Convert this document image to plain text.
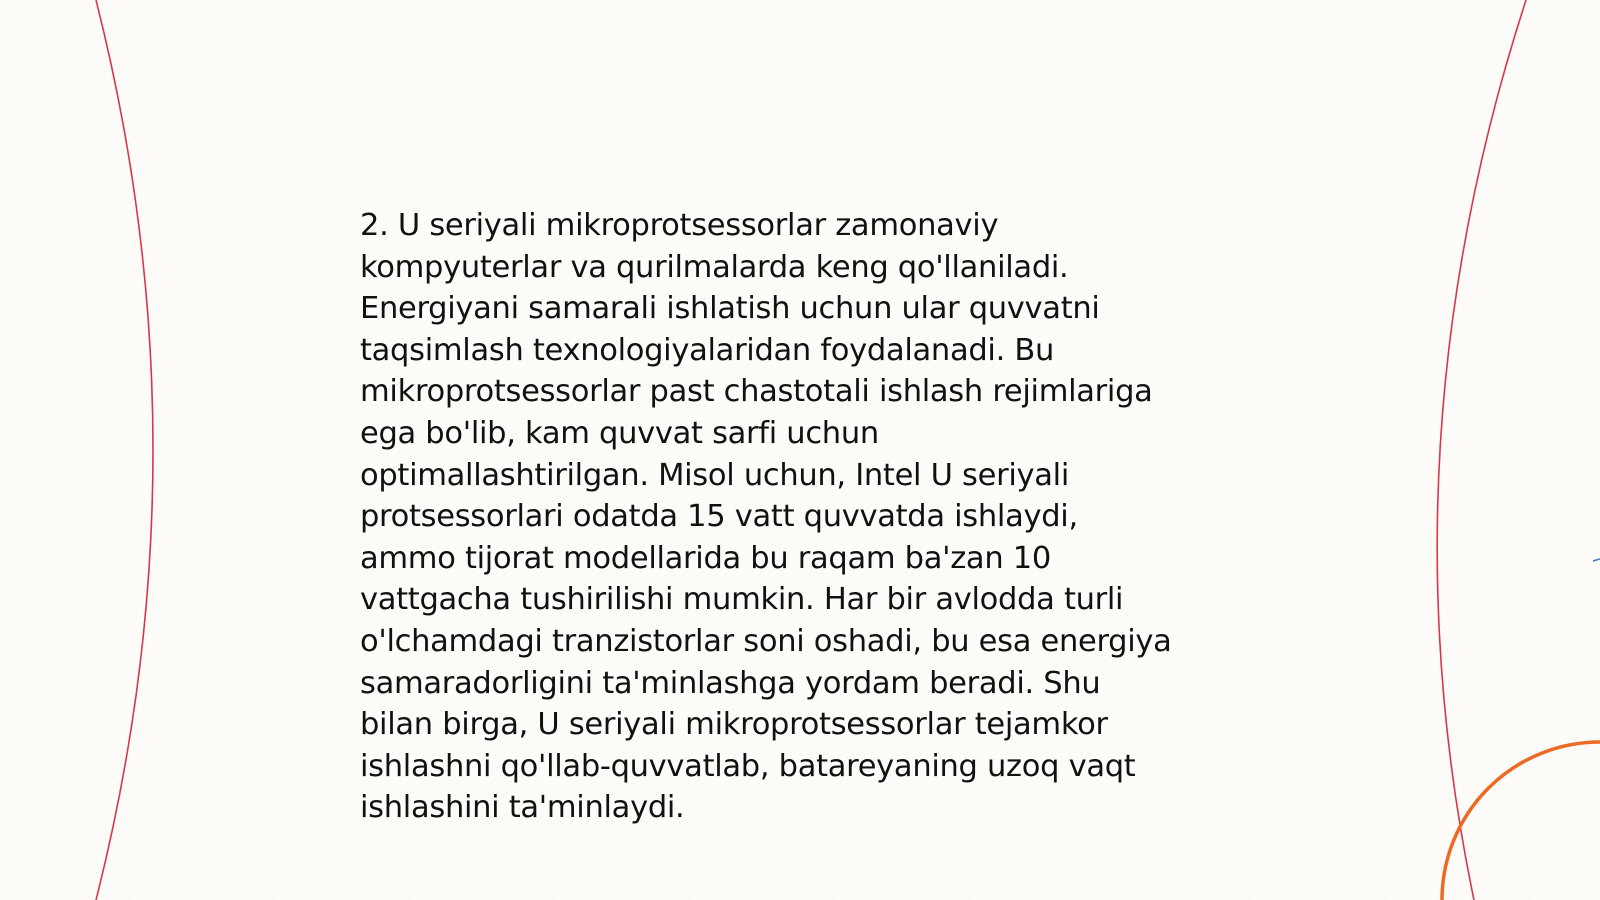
2. U seriyali mikroprotsessorlar zamonaviy
kompyuterlar va qurilmalarda keng qo'llaniladi.
Energiyani samarali ishlatish uchun ular quvvatni
taqsimlash texnologiyalaridan foydalanadi. Bu
mikroprotsessorlar past chastotali ishlash rejimlariga
ega bo'lib, kam quvvat sarfi uchun
optimallashtirilgan. Misol uchun, Intel U seriyali
protsessorlari odatda 15 vatt quvvatda ishlaydi,
ammo tijorat modellarida bu raqam ba'zan 10
vattgacha tushirilishi mumkin. Har bir avlodda turli
o'lchamdagi tranzistorlar soni oshadi, bu esa energiya
samaradorligini ta'minlashga yordam beradi. Shu
bilan birga, U seriyali mikroprotsessorlar tejamkor
ishlashni qo'llab-quvvatlab, batareyaning uzoq vaqt
ishlashini ta'minlaydi.
